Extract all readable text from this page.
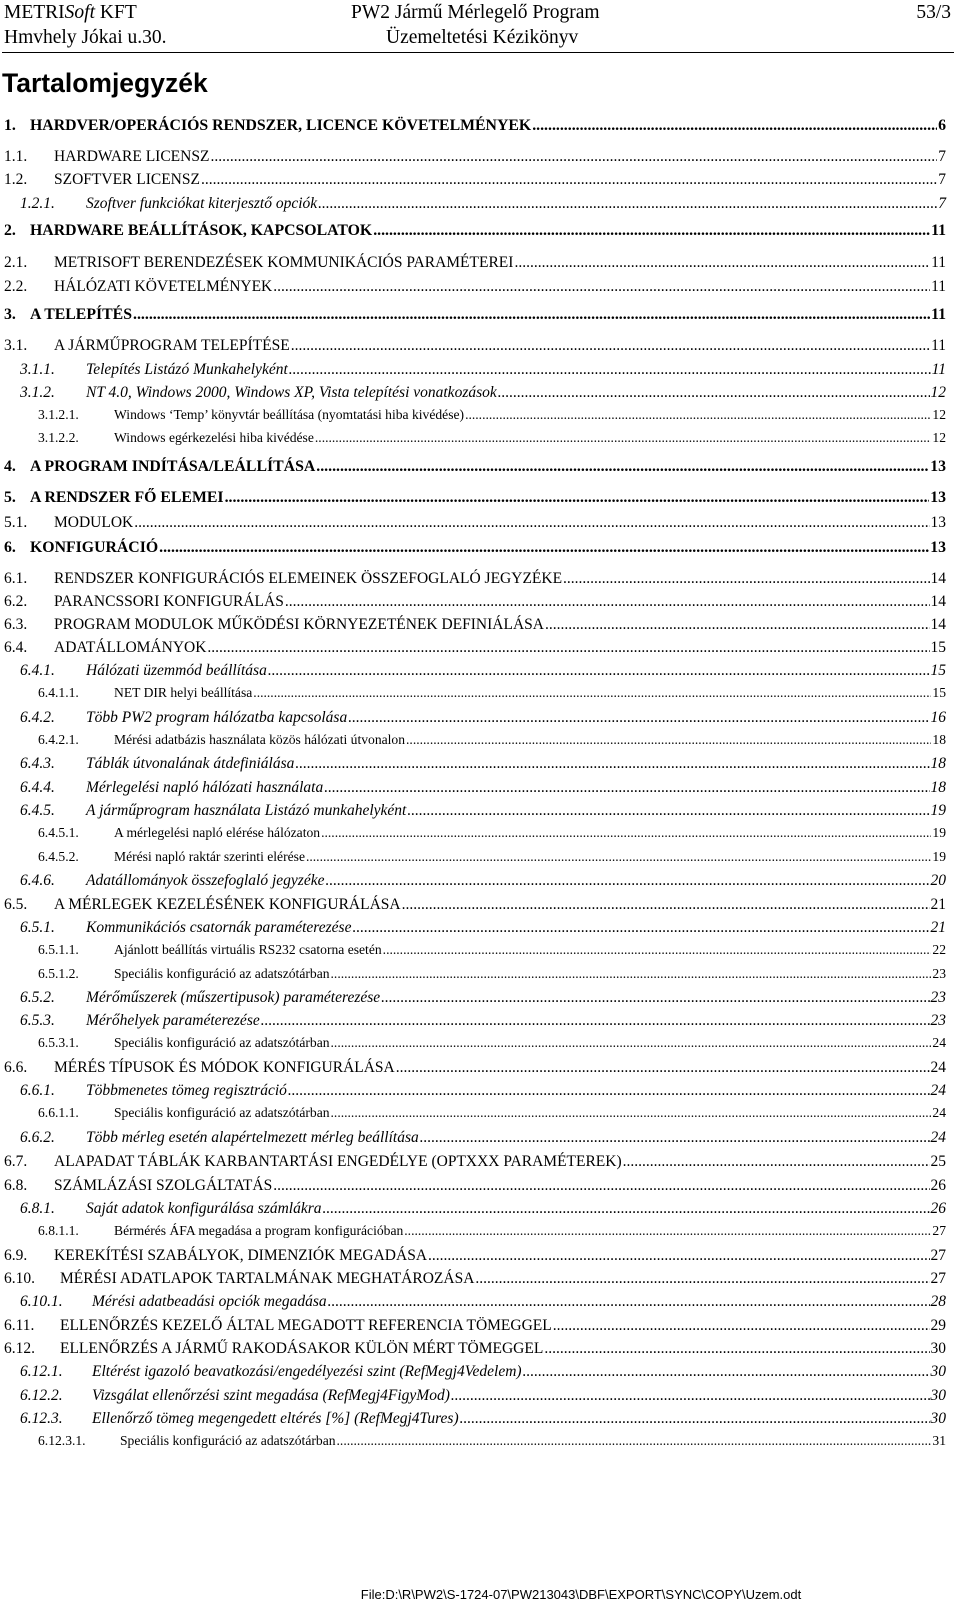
METRISoft KFT
Hmvhely Jókai u.30.
PW2 Jármű Mérlegelő Program
Üzemeltetési Kézikönyv
53/3
Tartalomjegyzék
1. HARDVER/OPERÁCIÓS RENDSZER, LICENCE KÖVETELMÉNYEK .....	6
1.1. HARDWARE LICENSZ .....	7
1.2. SZOFTVER LICENSZ .....	7
1.2.1. Szoftver funkciókat kiterjesztő opciók .....	7
2. HARDWARE BEÁLLÍTÁSOK, KAPCSOLATOK .....	11
2.1. METRISOFT BERENDEZÉSEK KOMMUNIKÁCIÓS PARAMÉTEREI .....	11
2.2. HÁLÓZATI KÖVETELMÉNYEK .....	11
3. A TELEPÍTÉS .....	11
3.1. A JÁRMŰPROGRAM TELEPÍTÉSE .....	11
3.1.1. Telepítés Listázó Munkahelyként .....	11
3.1.2. NT 4.0, Windows 2000, Windows XP, Vista telepítési vonatkozások .....	12
3.1.2.1.	Windows ‘Temp’ könyvtár beállítása (nyomtatási hiba kivédése) .....	12
3.1.2.2.	Windows egérkezelési hiba kivédése .....	12
4. A PROGRAM INDÍTÁSA/LEÁLLÍTÁSA .....	13
5. A RENDSZER FŐ ELEMEI .....	13
5.1. MODULOK .....	13
6. KONFIGURÁCIÓ .....	13
6.1. RENDSZER KONFIGURÁCIÓS ELEMEINEK ÖSSZEFOGLALÓ JEGYZÉKE .....	14
6.2. PARANCSSORI KONFIGURÁLÁS .....	14
6.3. PROGRAM MODULOK MŰKÖDÉSI KÖRNYEZETÉNEK DEFINIÁLÁSA .....	14
6.4. ADATÁLLOMÁNYOK .....	15
6.4.1. Hálózati üzemmód beállítása .....	15
6.4.1.1.	NET DIR helyi beállítása .....	15
6.4.2. Több PW2 program hálózatba kapcsolása .....	16
6.4.2.1.	Mérési adatbázis használata közös hálózati útvonalon .....	18
6.4.3. Táblák útvonalának átdefiniálása .....	18
6.4.4. Mérlegelési napló hálózati használata .....	18
6.4.5. A járműprogram használata Listázó munkahelyként .....	19
6.4.5.1.	A mérlegelési napló elérése hálózaton .....	19
6.4.5.2.	Mérési napló raktár szerinti elérése .....	19
6.4.6. Adatállományok összefoglaló jegyzéke .....	20
6.5. A MÉRLEGEK KEZELÉSÉNEK KONFIGURÁLÁSA .....	21
6.5.1. Kommunikációs csatornák paraméterezése .....	21
6.5.1.1.	Ajánlott beállítás virtuális RS232 csatorna esetén .....	22
6.5.1.2.	Speciális konfiguráció az adatszótárban .....	23
6.5.2. Mérőműszerek (műszertipusok) paraméterezése .....	23
6.5.3. Mérőhelyek paraméterezése .....	23
6.5.3.1.	Speciális konfiguráció az adatszótárban .....	24
6.6. MÉRÉS TÍPUSOK ÉS MÓDOK KONFIGURÁLÁSA .....	24
6.6.1. Többmenetes tömeg regisztráció .....	24
6.6.1.1.	Speciális konfiguráció az adatszótárban .....	24
6.6.2. Több mérleg esetén alapértelmezett mérleg beállítása .....	24
6.7. ALAPADAT TÁBLÁK KARBANTARTÁSI ENGEDÉLYE (OPTXXX PARAMÉTEREK) .....	25
6.8. SZÁMLÁZÁSI SZOLGÁLTATÁS .....	26
6.8.1. Saját adatok konfigurálása számlákra .....	26
6.8.1.1.	Bérmérés ÁFA megadása a program konfigurációban .....	27
6.9. KEREKÍTÉSI SZABÁLYOK, DIMENZIÓK MEGADÁSA .....	27
6.10. MÉRÉSI ADATLAPOK TARTALMÁNAK MEGHATÁROZÁSA .....	27
6.10.1. Mérési adatbeadási opciók megadása .....	28
6.11. ELLENŐRZÉS KEZELŐ ÁLTAL MEGADOTT REFERENCIA TÖMEGGEL .....	29
6.12. ELLENŐRZÉS A JÁRMŰ RAKODÁSAKOR KÜLÖN MÉRT TÖMEGGEL .....	30
6.12.1. Eltérést igazoló beavatkozási/engedélyezési szint (RefMegj4Vedelem) .....	30
6.12.2. Vizsgálat ellenőrzési szint megadása (RefMegj4FigyMod) .....	30
6.12.3. Ellenőrző tömeg megengedett eltérés [%] (RefMegj4Tures) .....	30
6.12.3.1.	Speciális konfiguráció az adatszótárban .....	31
File:D:\R\PW2\S-1724-07\PW213043\DBF\EXPORT\SYNC\COPY\Uzem.odt
